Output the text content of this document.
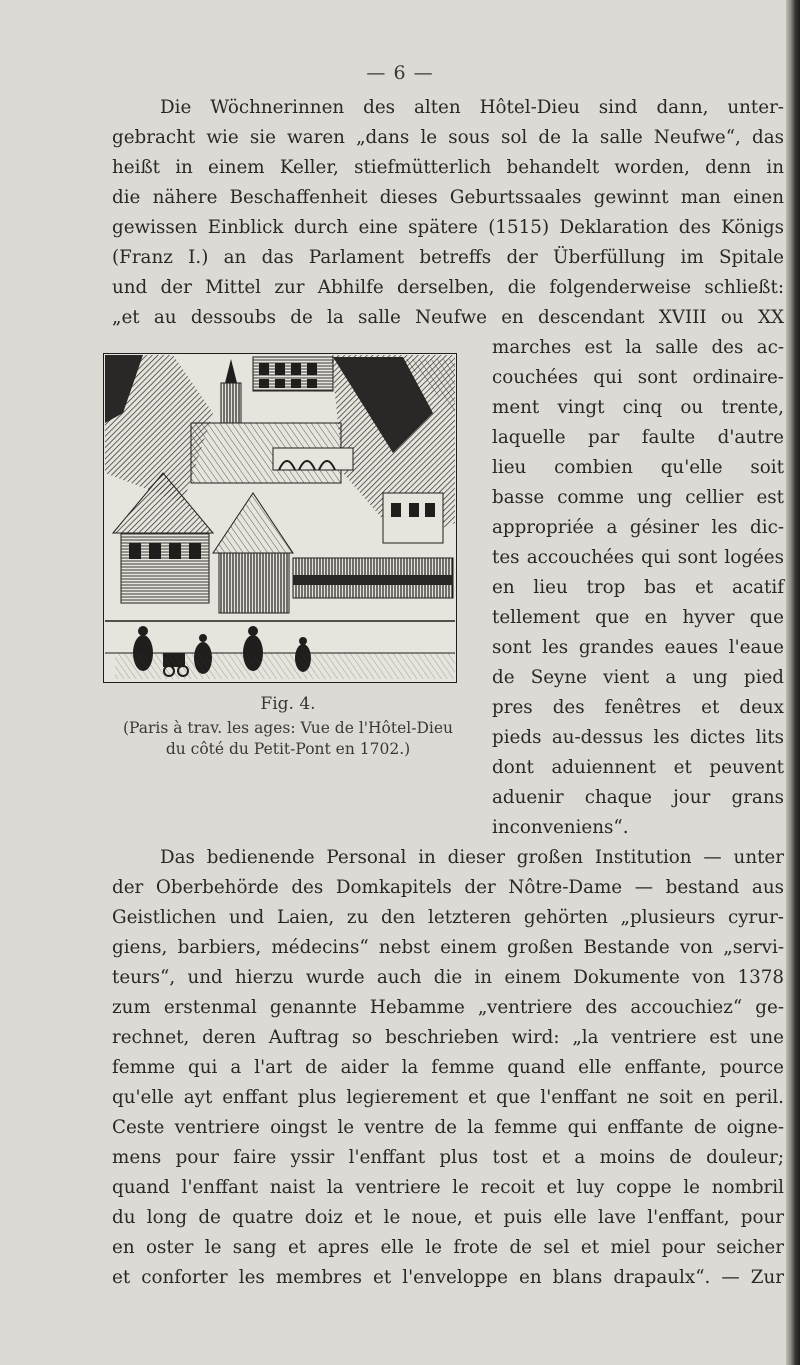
— 6 —
Die Wöchnerinnen des alten Hôtel-Dieu sind dann, unter-
gebracht wie sie waren „dans le sous sol de la salle Neufwe“, das
heißt in einem Keller, stiefmütterlich behandelt worden, denn in
die nähere Beschaffenheit dieses Geburtssaales gewinnt man einen
gewissen Einblick durch eine spätere (1515) Deklaration des Königs
(Franz I.) an das Parlament betreffs der Überfüllung im Spitale
und der Mittel zur Abhilfe derselben, die folgenderweise schließt:
„et au dessoubs de la salle Neufwe en descendant XVIII ou XX
marches est la salle des ac-
couchées qui sont ordinaire-
ment vingt cinq ou trente,
laquelle par faulte d'autre
lieu combien qu'elle soit
basse comme ung cellier est
appropriée a gésiner les dic-
tes accouchées qui sont logées
en lieu trop bas et acatif
tellement que en hyver que
sont les grandes eaues l'eaue
de Seyne vient a ung pied
pres des fenêtres et deux
pieds au-dessus les dictes lits
dont aduiennent et peuvent
aduenir chaque jour grans
inconveniens“.
Fig. 4.
(Paris à trav. les ages: Vue de l'Hôtel-Dieu
du côté du Petit-Pont en 1702.)
Das bedienende Personal in dieser großen Institution — unter
der Oberbehörde des Domkapitels der Nôtre-Dame — bestand aus
Geistlichen und Laien, zu den letzteren gehörten „plusieurs cyrur-
giens, barbiers, médecins“ nebst einem großen Bestande von „servi-
teurs“, und hierzu wurde auch die in einem Dokumente von 1378
zum erstenmal genannte Hebamme „ventriere des accouchiez“ ge-
rechnet, deren Auftrag so beschrieben wird: „la ventriere est une
femme qui a l'art de aider la femme quand elle enffante, pource
qu'elle ayt enffant plus legierement et que l'enffant ne soit en peril.
Ceste ventriere oingst le ventre de la femme qui enffante de oigne-
mens pour faire yssir l'enffant plus tost et a moins de douleur;
quand l'enffant naist la ventriere le recoit et luy coppe le nombril
du long de quatre doiz et le noue, et puis elle lave l'enffant, pour
en oster le sang et apres elle le frote de sel et miel pour seicher
et conforter les membres et l'enveloppe en blans drapaulx“. — Zur
